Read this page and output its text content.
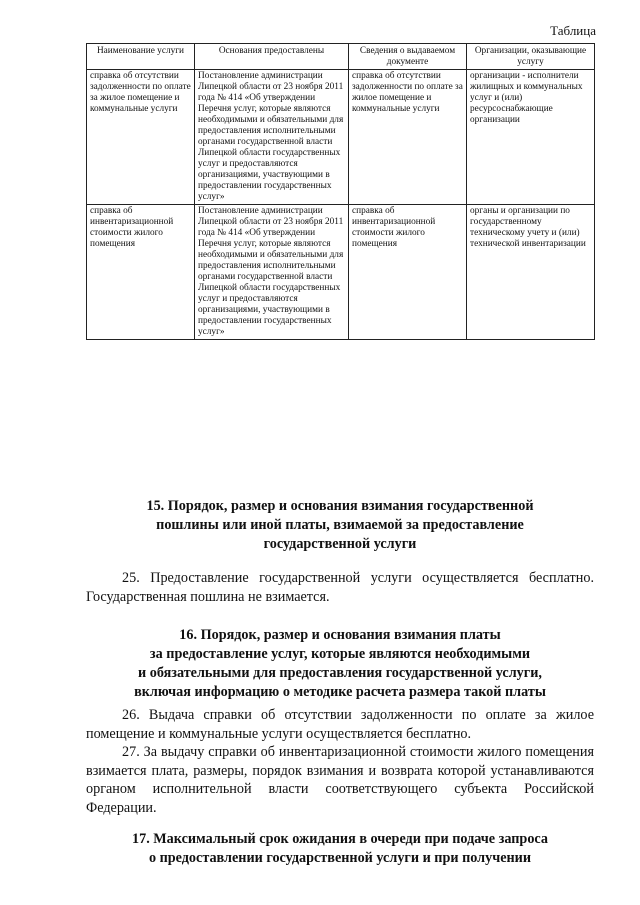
Таблица
Наименование услуги	Основания предоставлены	Сведения о выдаваемом документе	Организации, оказывающие услугу
справка об отсутствии задолженности по оплате за жилое помещение и коммунальные услуги	Постановление администрации Липецкой области от 23 ноября 2011 года № 414 «Об утверждении Перечня услуг, которые являются необходимыми и обязательными для предоставления исполнительными органами государственной власти Липецкой области государственных услуг и предоставляются организациями, участвующими в предоставлении государственных услуг»	справка об отсутствии задолженности по оплате за жилое помещение и коммунальные услуги	организации - исполнители жилищных и коммунальных услуг и (или) ресурсоснабжающие организации
справка об инвентаризационной стоимости жилого помещения	Постановление администрации Липецкой области от 23 ноября 2011 года № 414 «Об утверждении Перечня услуг, которые являются необходимыми и обязательными для предоставления исполнительными органами государственной власти Липецкой области государственных услуг и предоставляются организациями, участвующими в предоставлении государственных услуг»	справка об инвентаризационной стоимости жилого помещения	органы и организации по государственному техническому учету и (или) технической инвентаризации
15. Порядок, размер и основания взимания государственной
пошлины или иной платы, взимаемой за предоставление
государственной услуги
25. Предоставление государственной услуги осуществляется бесплатно. Государственная пошлина не взимается.
16. Порядок, размер и основания взимания платы
за предоставление услуг, которые являются необходимыми
и обязательными для предоставления государственной услуги,
включая информацию о методике расчета размера такой платы
26. Выдача справки об отсутствии задолженности по оплате за жилое помещение и коммунальные услуги осуществляется бесплатно.
27. За выдачу справки об инвентаризационной стоимости жилого помещения взимается плата, размеры, порядок взимания и возврата которой устанавливаются органом исполнительной власти соответствующего субъекта Российской Федерации.
17. Максимальный срок ожидания в очереди при подаче запроса
о предоставлении государственной услуги и при получении
